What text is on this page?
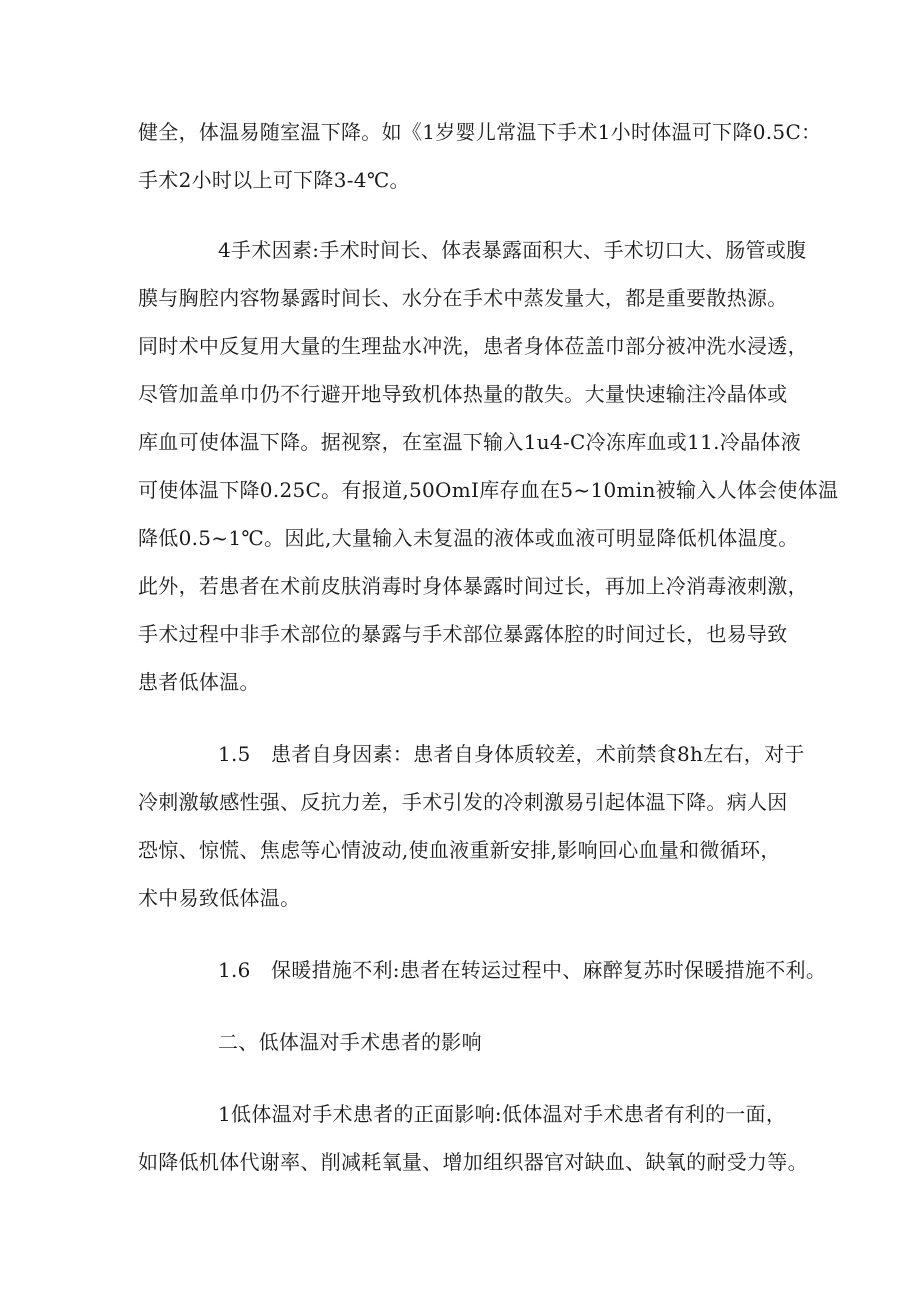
健全，体温易随室温下降。如《1岁婴儿常温下手术1小时体温可下降0.5C：
手术2小时以上可下降3-4℃。
4手术因素:手术时间长、体表暴露面积大、手术切口大、肠管或腹
膜与胸腔内容物暴露时间长、水分在手术中蒸发量大，都是重要散热源。
同时术中反复用大量的生理盐水冲洗，患者身体莅盖巾部分被冲洗水浸透，
尽管加盖单巾仍不行避开地导致机体热量的散失。大量快速输注冷晶体或
库血可使体温下降。据视察，在室温下输入1u4-C冷冻库血或11.冷晶体液
可使体温下降0.25C。有报道,50OmI库存血在5~10min被输入人体会使体温
降低0.5~1℃。因此,大量输入未复温的液体或血液可明显降低机体温度。
此外，若患者在术前皮肤消毒时身体暴露时间过长，再加上冷消毒液刺激，
手术过程中非手术部位的暴露与手术部位暴露体腔的时间过长，也易导致
患者低体温。
1.5　患者自身因素：患者自身体质较差，术前禁食8h左右，对于
冷刺激敏感性强、反抗力差，手术引发的冷刺激易引起体温下降。病人因
恐惊、惊慌、焦虑等心情波动,使血液重新安排,影响回心血量和微循环，
术中易致低体温。
1.6　保暖措施不利:患者在转运过程中、麻醉复苏时保暖措施不利。
二、低体温对手术患者的影响
1低体温对手术患者的正面影响:低体温对手术患者有利的一面，
如降低机体代谢率、削减耗氧量、增加组织器官对缺血、缺氧的耐受力等。
